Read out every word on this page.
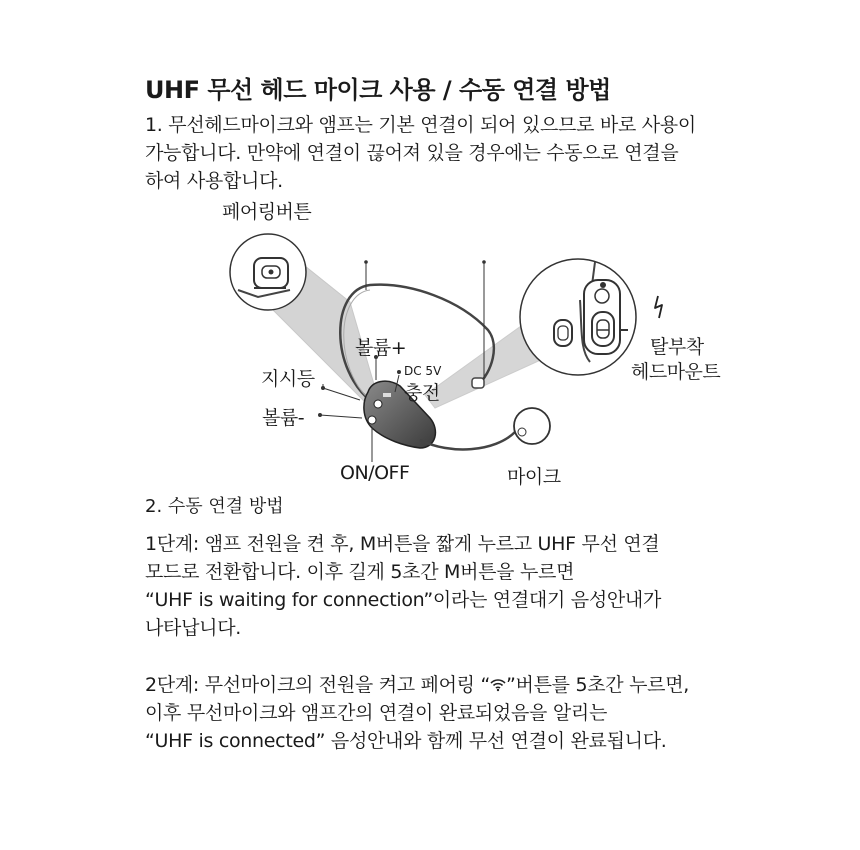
UHF 무선 헤드 마이크 사용 / 수동 연결 방법
1. 무선헤드마이크와 앰프는 기본 연결이 되어 있으므로 바로 사용이
가능합니다. 만약에 연결이 끊어져 있을 경우에는 수동으로 연결을
하여 사용합니다.
페어링버튼
볼륨+
지시등	DC 5V
충전
볼륨-
ON/OFF	마이크
탈부착
헤드마운트
2. 수동 연결 방법
1단계: 앰프 전원을 켠 후, M버튼을 짧게 누르고 UHF 무선 연결
모드로 전환합니다. 이후 길게 5초간 M버튼을 누르면
“UHF is waiting for connection”이라는 연결대기 음성안내가
나타납니다.
2단계: 무선마이크의 전원을 켜고 페어링 “ ”버튼를 5초간 누르면,
이후 무선마이크와 앰프간의 연결이 완료되었음을 알리는
“UHF is connected” 음성안내와 함께 무선 연결이 완료됩니다.
